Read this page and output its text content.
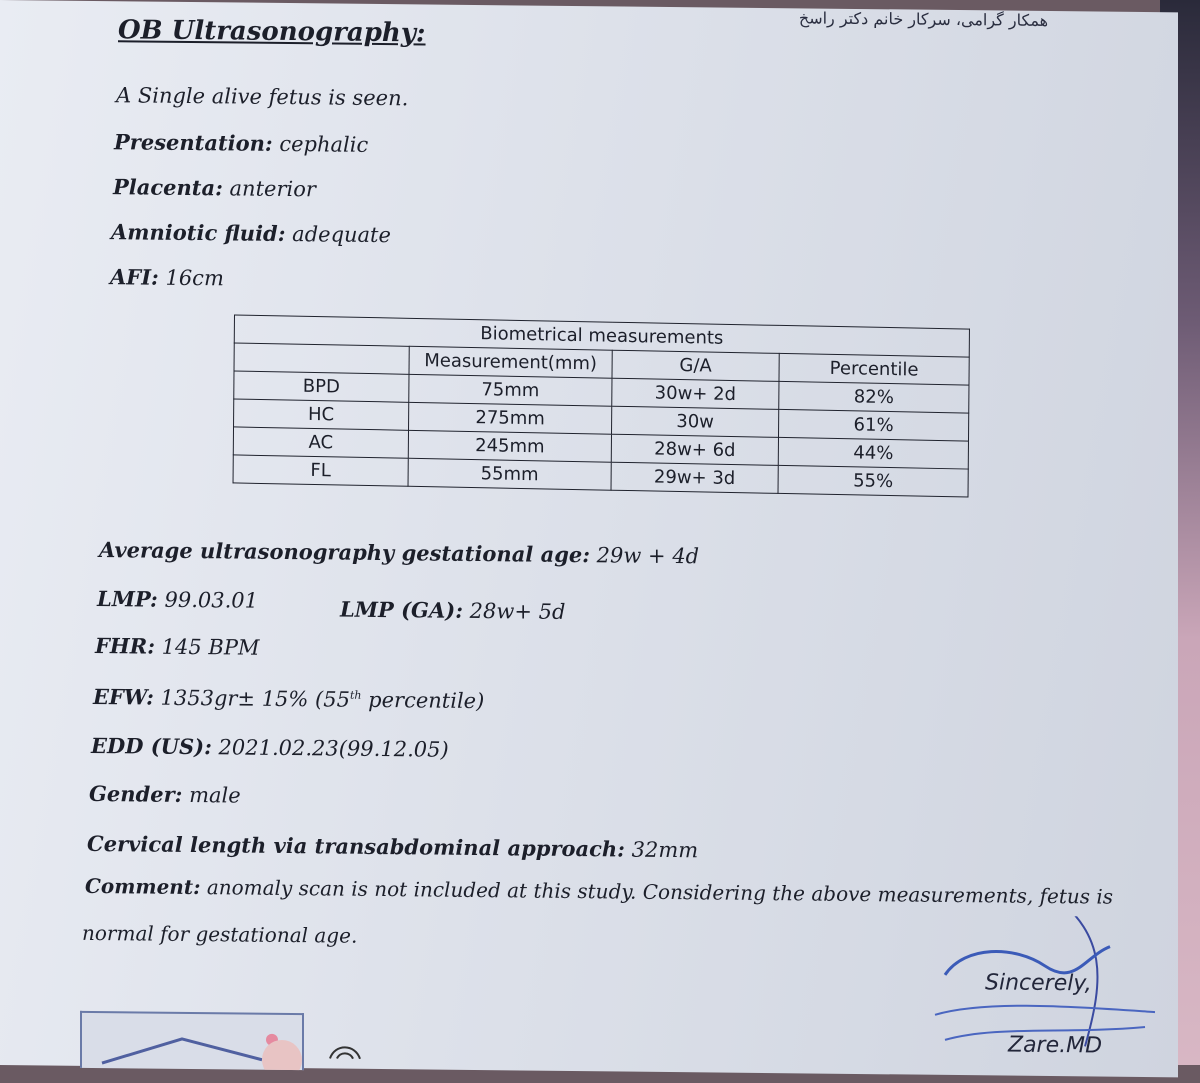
همکار گرامی، سرکار خانم دکتر راسخ
OB Ultrasonography:
A Single alive fetus is seen.
Presentation: cephalic
Placenta: anterior
Amniotic fluid: adequate
AFI: 16cm
Biometrical measurements			
	Measurement(mm)	G/A	Percentile
BPD	75mm	30w+ 2d	82%
HC	275mm	30w	61%
AC	245mm	28w+ 6d	44%
FL	55mm	29w+ 3d	55%
Average ultrasonography gestational age: 29w + 4d
LMP: 99.03.01	LMP (GA): 28w+ 5d
FHR: 145 BPM
EFW: 1353gr± 15% (55th percentile)
EDD (US): 2021.02.23(99.12.05)
Gender: male
Cervical length via transabdominal approach: 32mm
Comment: anomaly scan is not included at this study. Considering the above measurements, fetus is
normal for gestational age.
Sincerely,
Zare.MD
